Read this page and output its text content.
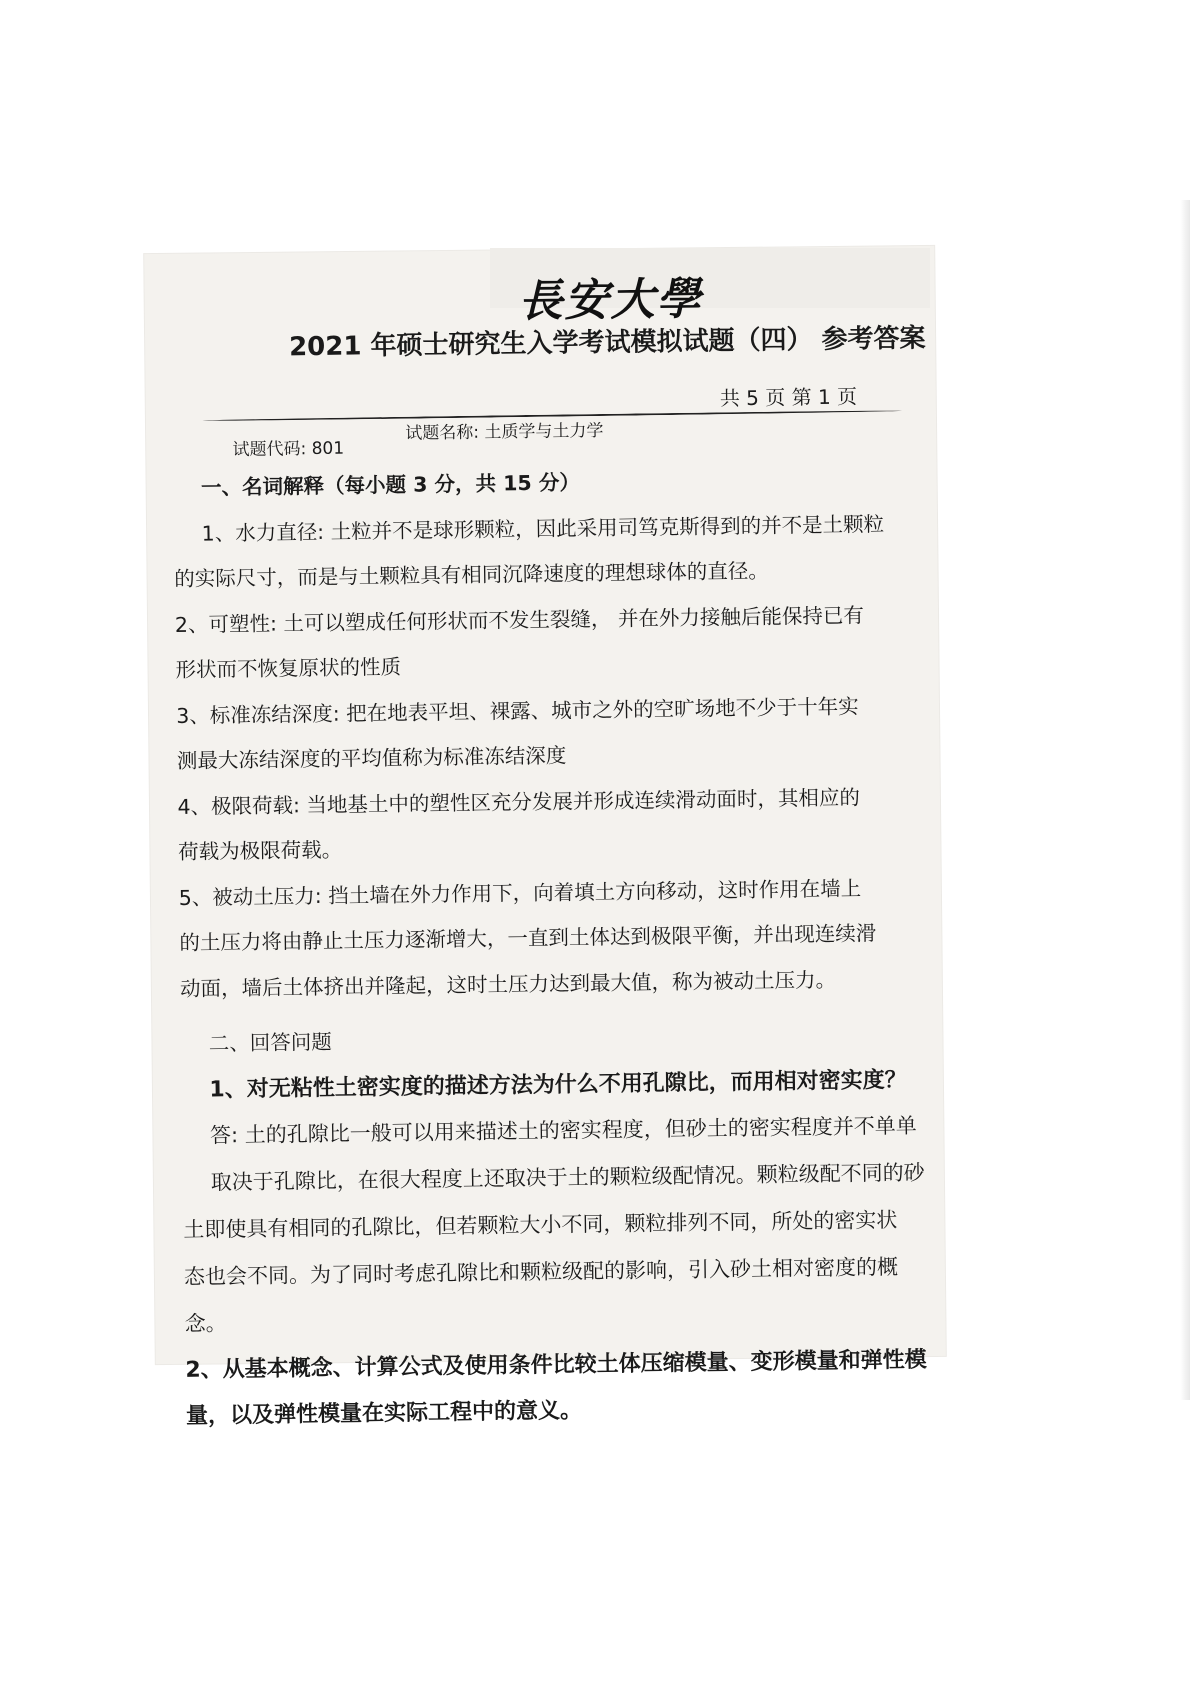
長安大學
2021 年硕士研究生入学考试模拟试题（四） 参考答案
共 5 页 第 1 页
试题代码: 801
试题名称: 土质学与土力学
一、名词解释（每小题 3 分，共 15 分）
1、水力直径: 土粒并不是球形颗粒，因此采用司笃克斯得到的并不是土颗粒
的实际尺寸，而是与土颗粒具有相同沉降速度的理想球体的直径。
2、可塑性: 土可以塑成任何形状而不发生裂缝， 并在外力接触后能保持已有
形状而不恢复原状的性质
3、标准冻结深度: 把在地表平坦、裸露、城市之外的空旷场地不少于十年实
测最大冻结深度的平均值称为标准冻结深度
4、极限荷载: 当地基土中的塑性区充分发展并形成连续滑动面时，其相应的
荷载为极限荷载。
5、被动土压力: 挡土墙在外力作用下，向着填土方向移动，这时作用在墙上
的土压力将由静止土压力逐渐增大，一直到土体达到极限平衡，并出现连续滑
动面，墙后土体挤出并隆起，这时土压力达到最大值，称为被动土压力。
二、回答问题
1、对无粘性土密实度的描述方法为什么不用孔隙比，而用相对密实度？
答: 土的孔隙比一般可以用来描述土的密实程度，但砂土的密实程度并不单单
取决于孔隙比，在很大程度上还取决于土的颗粒级配情况。颗粒级配不同的砂
土即使具有相同的孔隙比，但若颗粒大小不同，颗粒排列不同，所处的密实状
态也会不同。为了同时考虑孔隙比和颗粒级配的影响，引入砂土相对密度的概
念。
2、从基本概念、计算公式及使用条件比较土体压缩模量、变形模量和弹性模
量，以及弹性模量在实际工程中的意义。
